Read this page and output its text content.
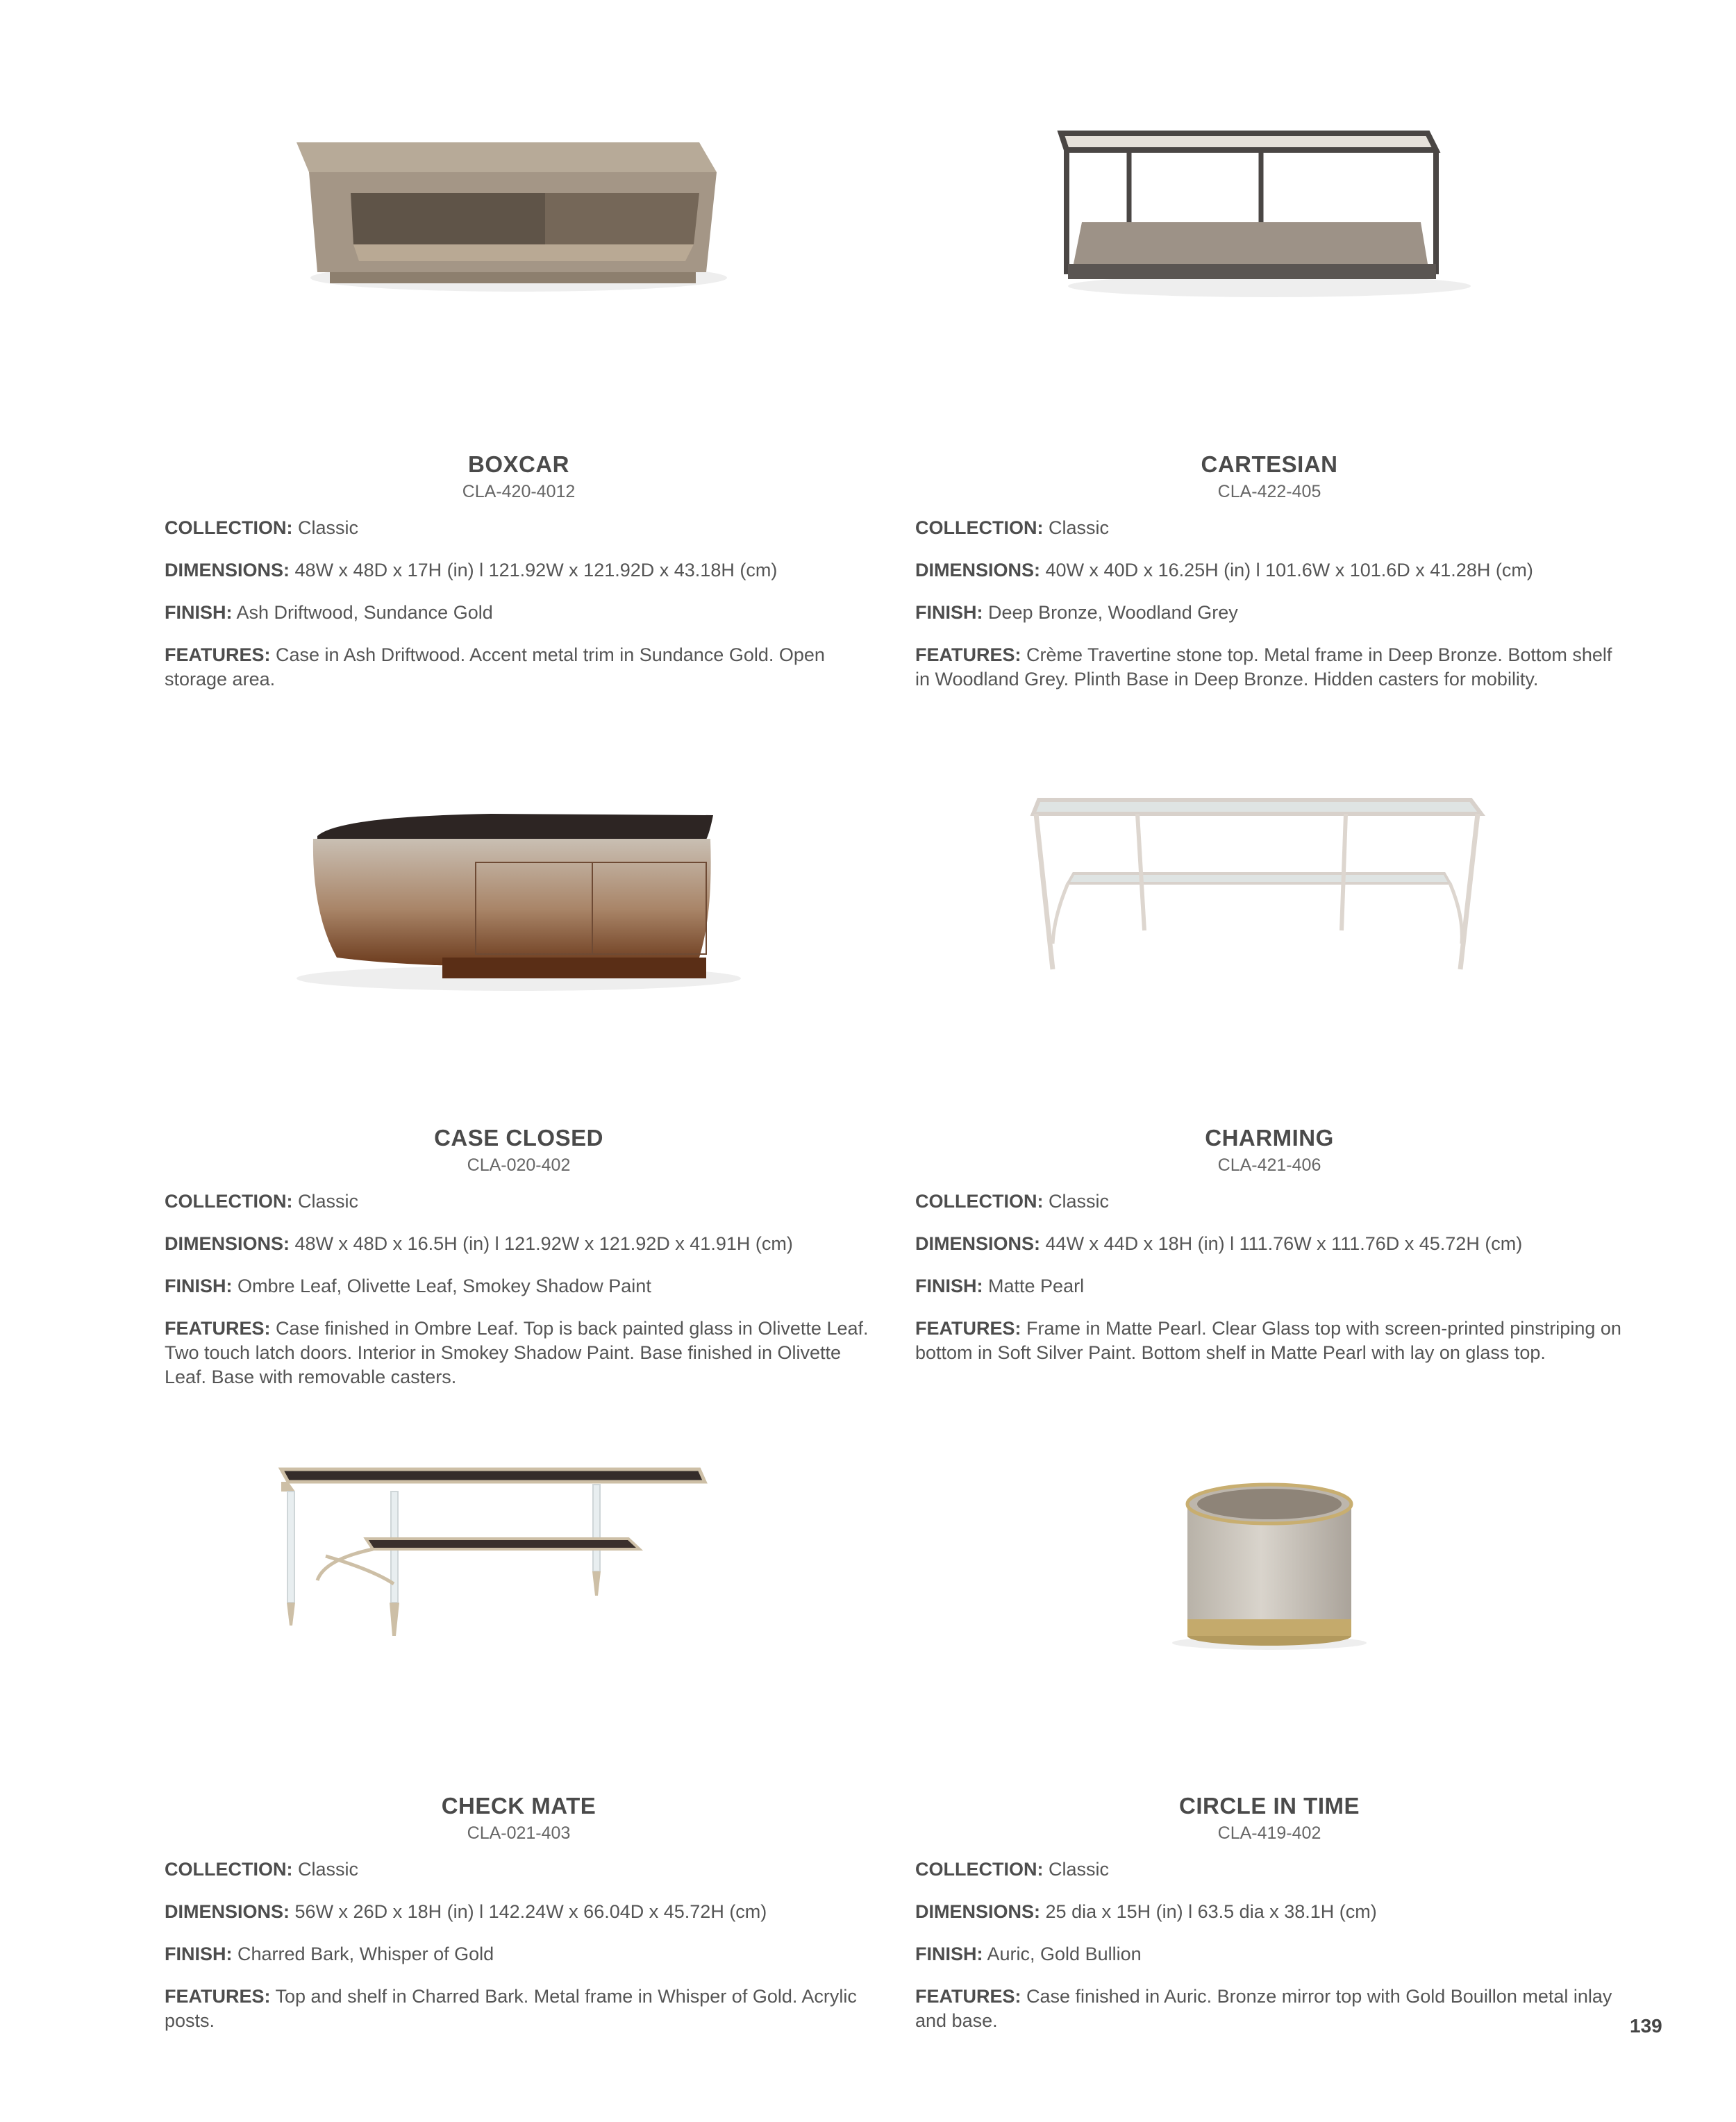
BOXCAR
CLA-420-4012
COLLECTION: Classic
DIMENSIONS: 48W x 48D x 17H (in) l 121.92W x 121.92D x 43.18H (cm)
FINISH: Ash Driftwood, Sundance Gold
FEATURES: Case in Ash Driftwood. Accent metal trim in Sundance Gold. Open storage area.
CARTESIAN
CLA-422-405
COLLECTION: Classic
DIMENSIONS: 40W x 40D x 16.25H (in) l 101.6W x 101.6D x 41.28H (cm)
FINISH: Deep Bronze, Woodland Grey
FEATURES: Crème Travertine stone top. Metal frame in Deep Bronze. Bottom shelf in Woodland Grey. Plinth Base in Deep Bronze. Hidden casters for mobility.
CASE CLOSED
CLA-020-402
COLLECTION: Classic
DIMENSIONS: 48W x 48D x 16.5H (in) l 121.92W x 121.92D x 41.91H (cm)
FINISH: Ombre Leaf, Olivette Leaf, Smokey Shadow Paint
FEATURES: Case finished in Ombre Leaf. Top is back painted glass in Olivette Leaf. Two touch latch doors. Interior in Smokey Shadow Paint. Base finished in Olivette Leaf. Base with removable casters.
CHARMING
CLA-421-406
COLLECTION: Classic
DIMENSIONS: 44W x 44D x 18H (in) l 111.76W x 111.76D x 45.72H (cm)
FINISH: Matte Pearl
FEATURES: Frame in Matte Pearl. Clear Glass top with screen-printed pinstriping on bottom in Soft Silver Paint. Bottom shelf in Matte Pearl with lay on glass top.
CHECK MATE
CLA-021-403
COLLECTION: Classic
DIMENSIONS: 56W x 26D x 18H (in) l 142.24W x 66.04D x 45.72H (cm)
FINISH: Charred Bark, Whisper of Gold
FEATURES: Top and shelf in Charred Bark. Metal frame in Whisper of Gold. Acrylic posts.
CIRCLE IN TIME
CLA-419-402
COLLECTION: Classic
DIMENSIONS: 25 dia x 15H (in) l 63.5 dia x 38.1H (cm)
FINISH: Auric, Gold Bullion
FEATURES: Case finished in Auric. Bronze mirror top with Gold Bouillon metal inlay and base.	139
